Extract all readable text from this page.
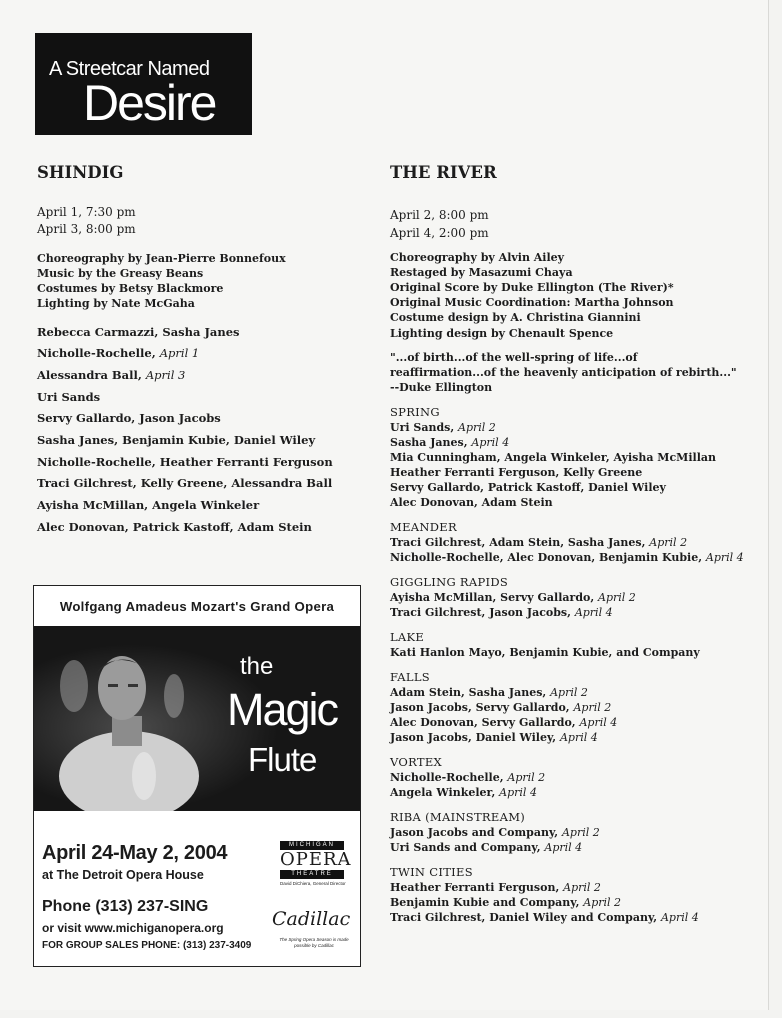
A Streetcar Named
Desire
SHINDIG
April 1, 7:30 pm
April 3, 8:00 pm
Choreography by Jean-Pierre Bonnefoux
Music by the Greasy Beans
Costumes by Betsy Blackmore
Lighting by Nate McGaha
Rebecca Carmazzi, Sasha Janes
Nicholle-Rochelle, April 1
Alessandra Ball, April 3
Uri Sands
Servy Gallardo, Jason Jacobs
Sasha Janes, Benjamin Kubie, Daniel Wiley
Nicholle-Rochelle, Heather Ferranti Ferguson
Traci Gilchrest, Kelly Greene, Alessandra Ball
Ayisha McMillan, Angela Winkeler
Alec Donovan, Patrick Kastoff, Adam Stein
THE RIVER
April 2, 8:00 pm
April 4, 2:00 pm
Choreography by Alvin Ailey
Restaged by Masazumi Chaya
Original Score by Duke Ellington (The River)*
Original Music Coordination: Martha Johnson
Costume design by A. Christina Giannini
Lighting design by Chenault Spence
"...of birth...of the well-spring of life...of
reaffirmation...of the heavenly anticipation of rebirth..."
--Duke Ellington
SPRING
Uri Sands, April 2
Sasha Janes, April 4
Mia Cunningham, Angela Winkeler, Ayisha McMillan
Heather Ferranti Ferguson, Kelly Greene
Servy Gallardo, Patrick Kastoff, Daniel Wiley
Alec Donovan, Adam Stein
MEANDER
Traci Gilchrest, Adam Stein, Sasha Janes, April 2
Nicholle-Rochelle, Alec Donovan, Benjamin Kubie, April 4
GIGGLING RAPIDS
Ayisha McMillan, Servy Gallardo, April 2
Traci Gilchrest, Jason Jacobs, April 4
LAKE
Kati Hanlon Mayo, Benjamin Kubie, and Company
FALLS
Adam Stein, Sasha Janes, April 2
Jason Jacobs, Servy Gallardo, April 2
Alec Donovan, Servy Gallardo, April 4
Jason Jacobs, Daniel Wiley, April 4
VORTEX
Nicholle-Rochelle, April 2
Angela Winkeler, April 4
RIBA (MAINSTREAM)
Jason Jacobs and Company, April 2
Uri Sands and Company, April 4
TWIN CITIES
Heather Ferranti Ferguson, April 2
Benjamin Kubie and Company, April 2
Traci Gilchrest, Daniel Wiley and Company, April 4
Wolfgang Amadeus Mozart's Grand Opera
the
Magic
Flute
April 24-May 2, 2004
at The Detroit Opera House
Phone (313) 237-SING
or visit www.michiganopera.org
FOR GROUP SALES PHONE: (313) 237-3409
MICHIGAN
OPERA
THEATRE
David DiChiera, General Director
Cadillac
The Spring Opera Season is made possible by Cadillac
